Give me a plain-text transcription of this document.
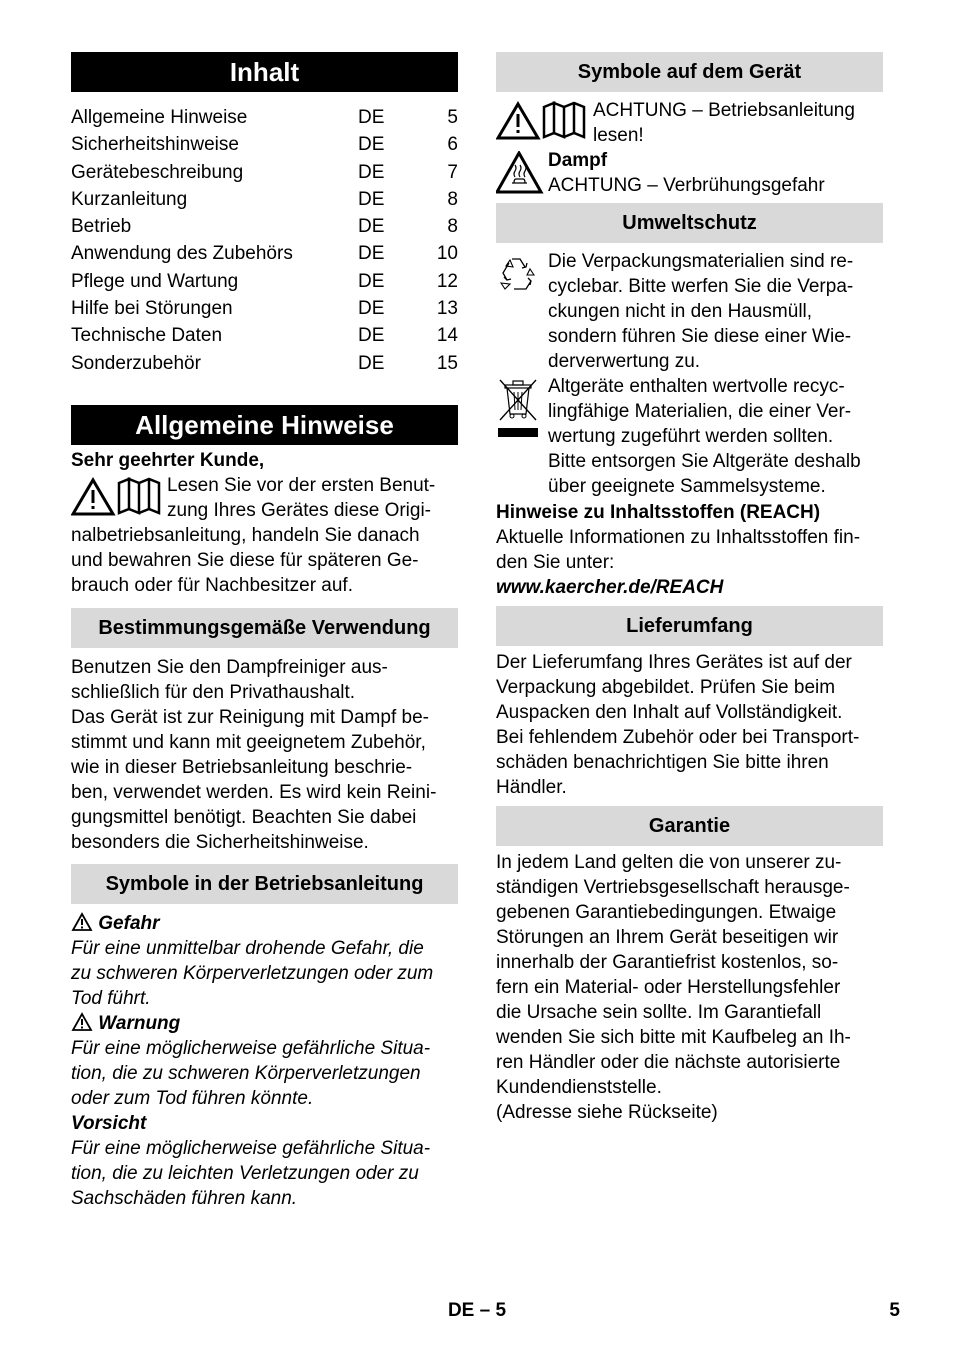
Inhalt
Allgemeine Hinweise	DE	5
Sicherheitshinweise	DE	6
Gerätebeschreibung	DE	7
Kurzanleitung	DE	8
Betrieb	DE	8
Anwendung des Zubehörs	DE	10
Pflege und Wartung	DE	12
Hilfe bei Störungen	DE	13
Technische Daten	DE	14
Sonderzubehör	DE	15
Allgemeine Hinweise

Sehr geehrter Kunde,

Lesen Sie vor der ersten Benut-

zung Ihres Gerätes diese Origi-

nalbetriebsanleitung, handeln Sie danach

und bewahren Sie diese für späteren Ge-

brauch oder für Nachbesitzer auf.

Bestimmungsgemäße Verwendung

Benutzen Sie den Dampfreiniger aus-

schließlich für den Privathaushalt.

Das Gerät ist zur Reinigung mit Dampf be-

stimmt und kann mit geeignetem Zubehör,

wie in dieser Betriebsanleitung beschrie-

ben, verwendet werden. Es wird kein Reini-

gungsmittel benötigt. Beachten Sie dabei

besonders die Sicherheitshinweise.

Symbole in der Betriebsanleitung

Gefahr

Für eine unmittelbar drohende Gefahr, die

zu schweren Körperverletzungen oder zum

Tod führt.

Warnung

Für eine möglicherweise gefährliche Situa-

tion, die zu schweren Körperverletzungen

oder zum Tod führen könnte.

Vorsicht

Für eine möglicherweise gefährliche Situa-

tion, die zu leichten Verletzungen oder zu

Sachschäden führen kann.

Symbole auf dem Gerät

ACHTUNG – Betriebsanleitung

lesen!

Dampf

ACHTUNG – Verbrühungsgefahr

Umweltschutz

Die Verpackungsmaterialien sind re-

cyclebar. Bitte werfen Sie die Verpa-

ckungen nicht in den Hausmüll,

sondern führen Sie diese einer Wie-

derverwertung zu.

Altgeräte enthalten wertvolle recyc-

lingfähige Materialien, die einer Ver-

wertung zugeführt werden sollten.

Bitte entsorgen Sie Altgeräte deshalb

über geeignete Sammelsysteme.

Hinweise zu Inhaltsstoffen (REACH)

Aktuelle Informationen zu Inhaltsstoffen fin-

den Sie unter:

www.kaercher.de/REACH

Lieferumfang

Der Lieferumfang Ihres Gerätes ist auf der

Verpackung abgebildet. Prüfen Sie beim

Auspacken den Inhalt auf Vollständigkeit.

Bei fehlendem Zubehör oder bei Transport-

schäden benachrichtigen Sie bitte ihren

Händler.

Garantie

In jedem Land gelten die von unserer zu-

ständigen Vertriebsgesellschaft herausge-

gebenen Garantiebedingungen. Etwaige

Störungen an Ihrem Gerät beseitigen wir

innerhalb der Garantiefrist kostenlos, so-

fern ein Material- oder Herstellungsfehler

die Ursache sein sollte. Im Garantiefall

wenden Sie sich bitte mit Kaufbeleg an Ih-

ren Händler oder die nächste autorisierte

Kundendienststelle.

(Adresse siehe Rückseite)

DE – 5	5
